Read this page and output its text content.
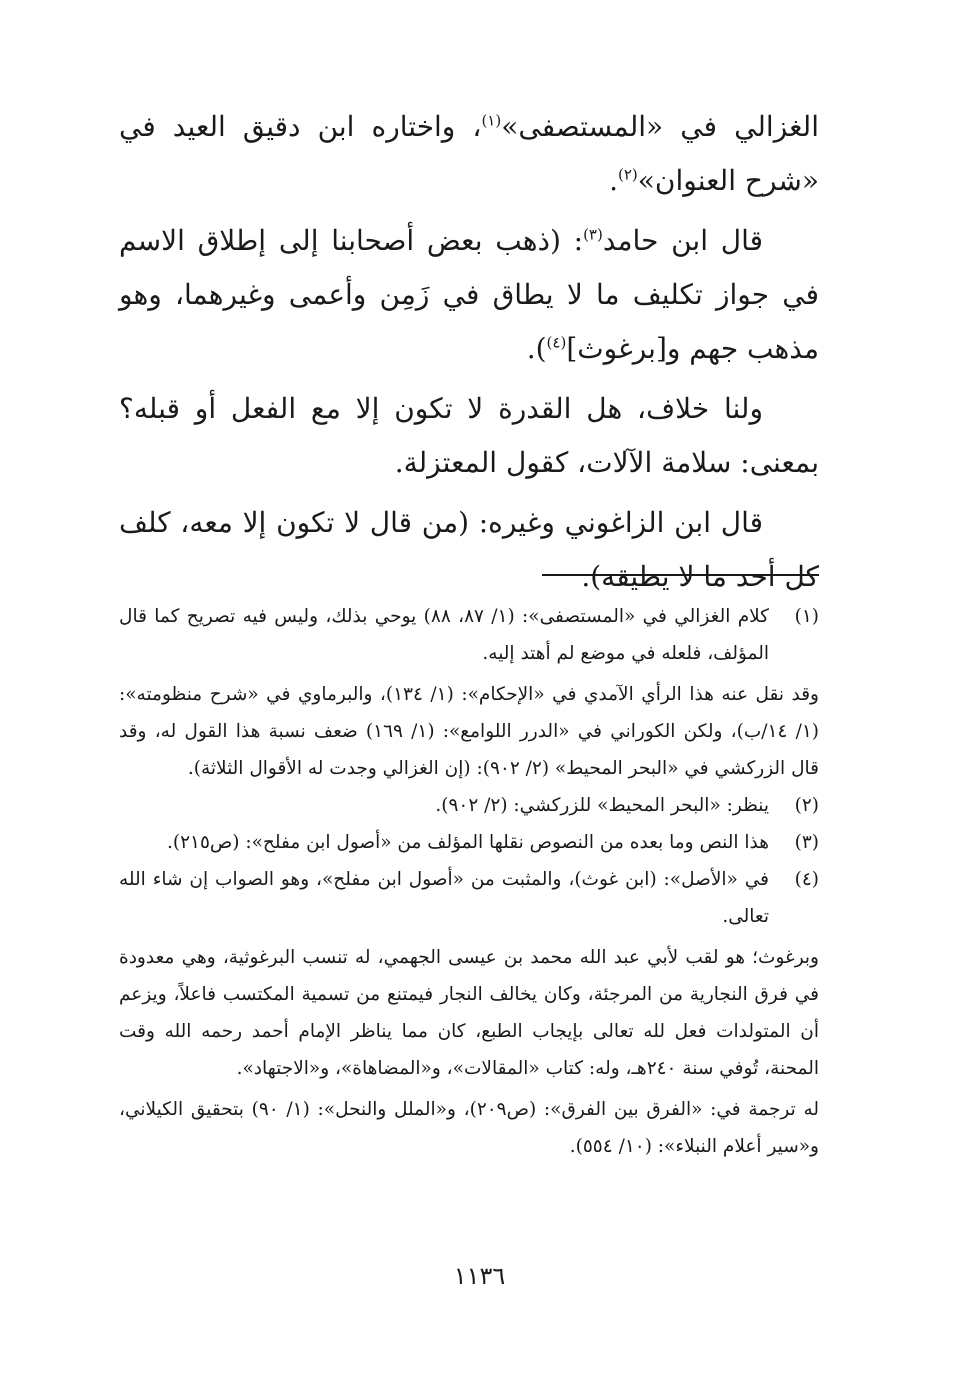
الغزالي في «المستصفى»$^{(١)}$، واختاره ابن دقيق العيد في «شرح العنوان»$^{(٢)}$.

قال ابن حامد$^{(٣)}$: (ذهب بعض أصحابنا إلى إطلاق الاسم في جواز تكليف ما لا يطاق في زَمِن وأعمى وغيرهما، وهو مذهب جهم و[برغوث]$^{(٤)}$).

ولنا خلاف، هل القدرة لا تكون إلا مع الفعل أو قبله؟ بمعنى: سلامة الآلات، كقول المعتزلة.

قال ابن الزاغوني وغيره: (من قال لا تكون إلا معه، كلف كل أحد ما لا يطيقه).

(١)

كلام الغزالي في «المستصفى»: (١/ ٨٧، ٨٨) يوحي بذلك، وليس فيه تصريح كما قال المؤلف، فلعله في موضع لم أهتد إليه.

وقد نقل عنه هذا الرأي الآمدي في «الإحكام»: (١/ ١٣٤)، والبرماوي في «شرح منظومته»: (١/ ١٤/ب)، ولكن الكوراني في «الدرر اللوامع»: (١/ ١٦٩) ضعف نسبة هذا القول له، وقد قال الزركشي في «البحر المحيط» (٢/ ٩٠٢): (إن الغزالي وجدت له الأقوال الثلاثة).

(٢)

ينظر: «البحر المحيط» للزركشي: (٢/ ٩٠٢).

(٣)

هذا النص وما بعده من النصوص نقلها المؤلف من «أصول ابن مفلح»: (ص٢١٥).

(٤)

في «الأصل»: (ابن غوث)، والمثبت من «أصول ابن مفلح»، وهو الصواب إن شاء الله تعالى.

وبرغوث؛ هو لقب لأبي عبد الله محمد بن عيسى الجهمي، له تنسب البرغوثية، وهي معدودة في فرق النجارية من المرجئة، وكان يخالف النجار فيمتنع من تسمية المكتسب فاعلاً، ويزعم أن المتولدات فعل لله تعالى بإيجاب الطبع، كان مما يناظر الإمام أحمد رحمه الله وقت المحنة، تُوفي سنة ٢٤٠هـ، وله: كتاب «المقالات»، و«المضاهاة»، و«الاجتهاد».

له ترجمة في: «الفرق بين الفرق»: (ص٢٠٩)، و«الملل والنحل»: (١/ ٩٠) بتحقيق الكيلاني، و«سير أعلام النبلاء»: (١٠/ ٥٥٤).

١١٣٦
